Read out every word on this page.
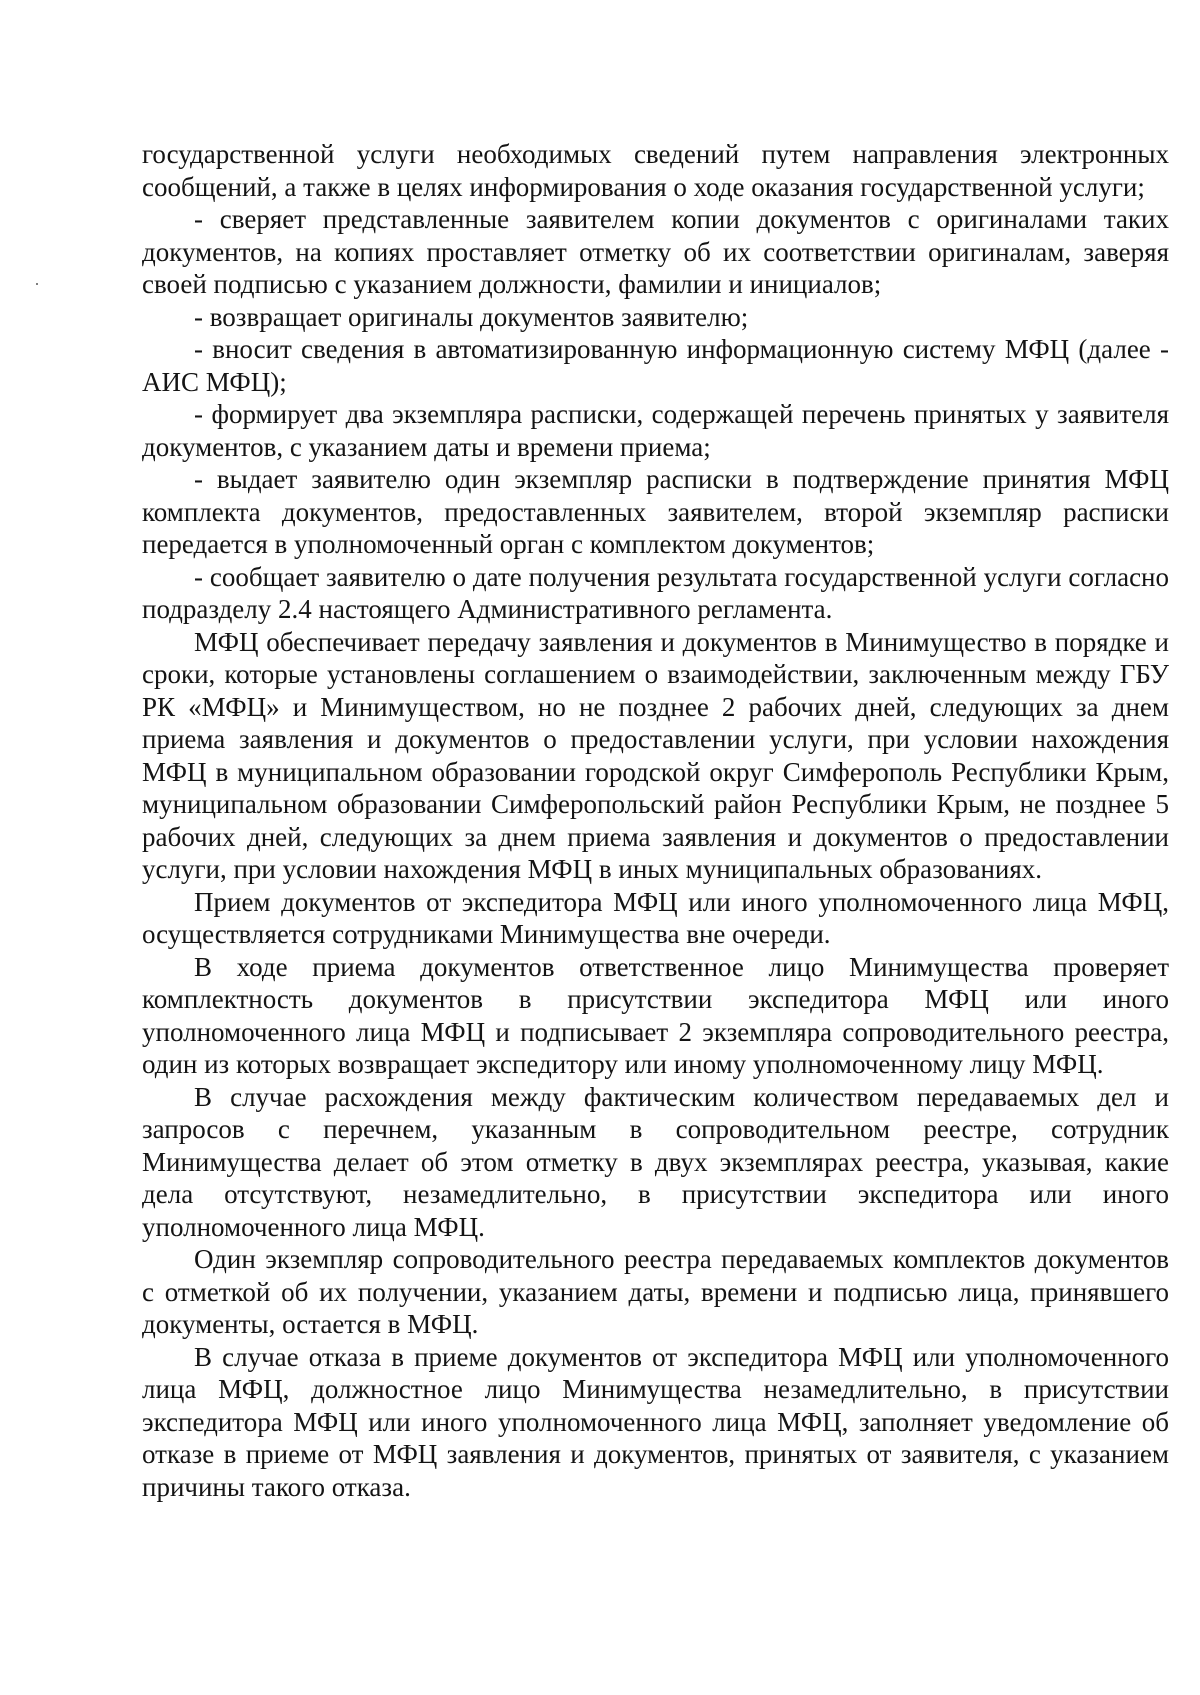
государственной услуги необходимых сведений путем направления электронных сообщений, а также в целях информирования о ходе оказания государственной услуги;

- сверяет представленные заявителем копии документов с оригиналами таких документов, на копиях проставляет отметку об их соответствии оригиналам, заверяя своей подписью с указанием должности, фамилии и инициалов;

- возвращает оригиналы документов заявителю;

- вносит сведения в автоматизированную информационную систему МФЦ (далее - АИС МФЦ);

- формирует два экземпляра расписки, содержащей перечень принятых у заявителя документов, с указанием даты и времени приема;

- выдает заявителю один экземпляр расписки в подтверждение принятия МФЦ комплекта документов, предоставленных заявителем, второй экземпляр расписки передается в уполномоченный орган с комплектом документов;

- сообщает заявителю о дате получения результата государственной услуги согласно подразделу 2.4 настоящего Административного регламента.

МФЦ обеспечивает передачу заявления и документов в Минимущество в порядке и сроки, которые установлены соглашением о взаимодействии, заключенным между ГБУ РК «МФЦ» и Минимуществом, но не позднее 2 рабочих дней, следующих за днем приема заявления и документов о предоставлении услуги, при условии нахождения МФЦ в муниципальном образовании городской округ Симферополь Республики Крым, муниципальном образовании Симферопольский район Республики Крым, не позднее 5 рабочих дней, следующих за днем приема заявления и документов о предоставлении услуги, при условии нахождения МФЦ в иных муниципальных образованиях.

Прием документов от экспедитора МФЦ или иного уполномоченного лица МФЦ, осуществляется сотрудниками Минимущества вне очереди.

В ходе приема документов ответственное лицо Минимущества проверяет комплектность документов в присутствии экспедитора МФЦ или иного уполномоченного лица МФЦ и подписывает 2 экземпляра сопроводительного реестра, один из которых возвращает экспедитору или иному уполномоченному лицу МФЦ.

В случае расхождения между фактическим количеством передаваемых дел и запросов с перечнем, указанным в сопроводительном реестре, сотрудник Минимущества делает об этом отметку в двух экземплярах реестра, указывая, какие дела отсутствуют, незамедлительно, в присутствии экспедитора или иного уполномоченного лица МФЦ.

Один экземпляр сопроводительного реестра передаваемых комплектов документов с отметкой об их получении, указанием даты, времени и подписью лица, принявшего документы, остается в МФЦ.

В случае отказа в приеме документов от экспедитора МФЦ или уполномоченного лица МФЦ, должностное лицо Минимущества незамедлительно, в присутствии экспедитора МФЦ или иного уполномоченного лица МФЦ, заполняет уведомление об отказе в приеме от МФЦ заявления и документов, принятых от заявителя, с указанием причины такого отказа.
